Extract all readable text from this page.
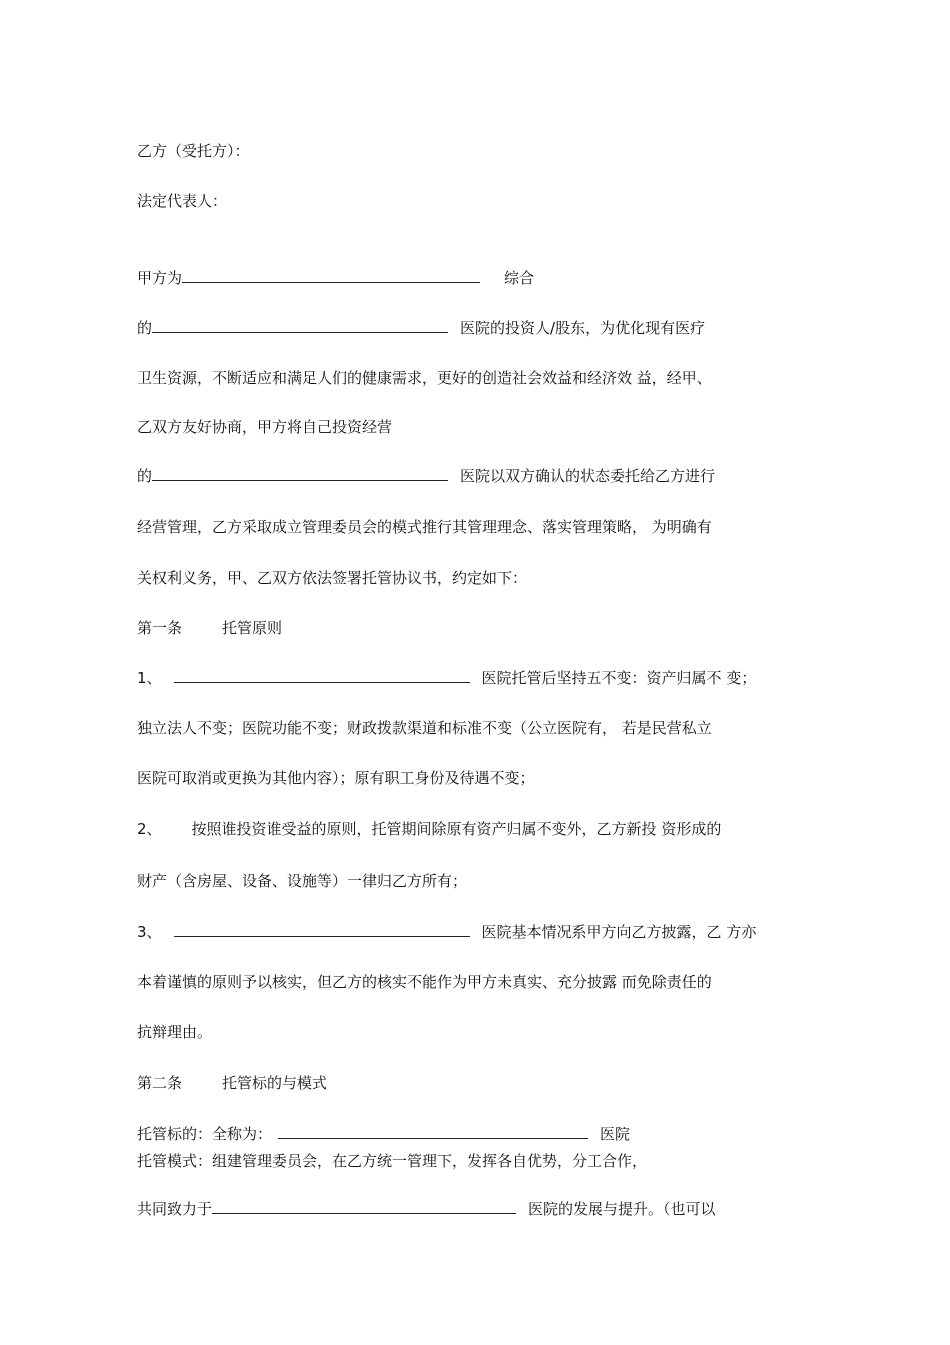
乙方（受托方）：
法定代表人：
甲方为	综合
的	医院的投资人/股东，为优化现有医疗
卫生资源，不断适应和满足人们的健康需求，更好的创造社会效益和经济效 益，经甲、
乙双方友好协商，甲方将自己投资经营
的	医院以双方确认的状态委托给乙方进行
经营管理，乙方采取成立管理委员会的模式推行其管理理念、落实管理策略， 为明确有
关权利义务，甲、乙双方依法签署托管协议书，约定如下：
第一条	托管原则
1、	医院托管后坚持五不变：资产归属不 变；
独立法人不变；医院功能不变；财政拨款渠道和标准不变（公立医院有， 若是民营私立
医院可取消或更换为其他内容）；原有职工身份及待遇不变；
2、 按照谁投资谁受益的原则，托管期间除原有资产归属不变外，乙方新投 资形成的
财产（含房屋、设备、设施等）一律归乙方所有；
3、	医院基本情况系甲方向乙方披露，乙 方亦
本着谨慎的原则予以核实，但乙方的核实不能作为甲方未真实、充分披露 而免除责任的
抗辩理由。
第二条	托管标的与模式
托管标的：全称为：	医院
托管模式：组建管理委员会，在乙方统一管理下，发挥各自优势，分工合作，
共同致力于	医院的发展与提升。（也可以
